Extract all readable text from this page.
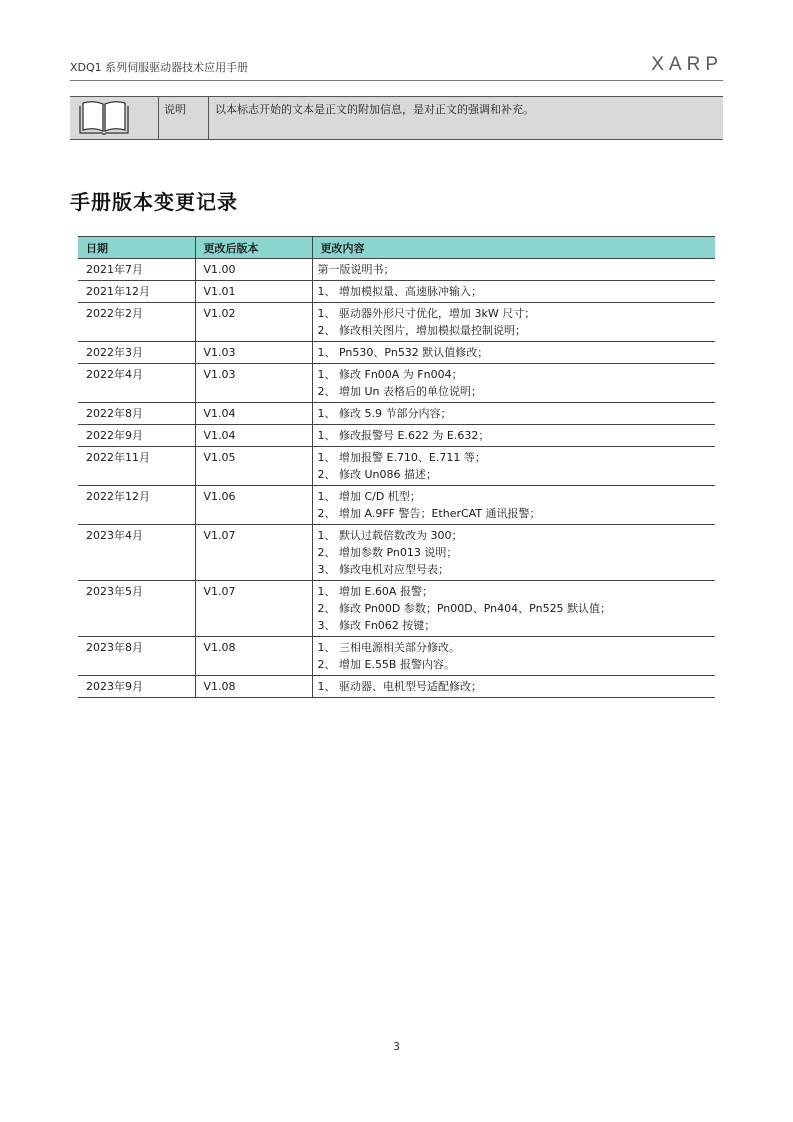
XDQ1 系列伺服驱动器技术应用手册	XARP
说明	以本标志开始的文本是正文的附加信息，是对正文的强调和补充。
手册版本变更记录
日期	更改后版本	更改内容
2021年7月	V1.00	第一版说明书；

2021年12月	V1.01	1、 增加模拟量、高速脉冲输入；

2022年2月	V1.02	1、 驱动器外形尺寸优化，增加 3kW 尺寸；
2、 修改相关图片，增加模拟量控制说明；

2022年3月	V1.03	1、 Pn530、Pn532 默认值修改；

2022年4月	V1.03	1、 修改 Fn00A 为 Fn004；
2、 增加 Un 表格后的单位说明；

2022年8月	V1.04	1、 修改 5.9 节部分内容；

2022年9月	V1.04	1、 修改报警号 E.622 为 E.632；

2022年11月	V1.05	1、 增加报警 E.710、E.711 等；
2、 修改 Un086 描述；

2022年12月	V1.06	1、 增加 C/D 机型；
2、 增加 A.9FF 警告；EtherCAT 通讯报警；

2023年4月	V1.07	1、 默认过载倍数改为 300；
2、 增加参数 Pn013 说明；
3、 修改电机对应型号表；

2023年5月	V1.07	1、 增加 E.60A 报警；
2、 修改 Pn00D 参数；Pn00D、Pn404、Pn525 默认值；
3、 修改 Fn062 按键；

2023年8月	V1.08	1、 三相电源相关部分修改。
2、 增加 E.55B 报警内容。

2023年9月	V1.08	1、 驱动器、电机型号适配修改；
3
